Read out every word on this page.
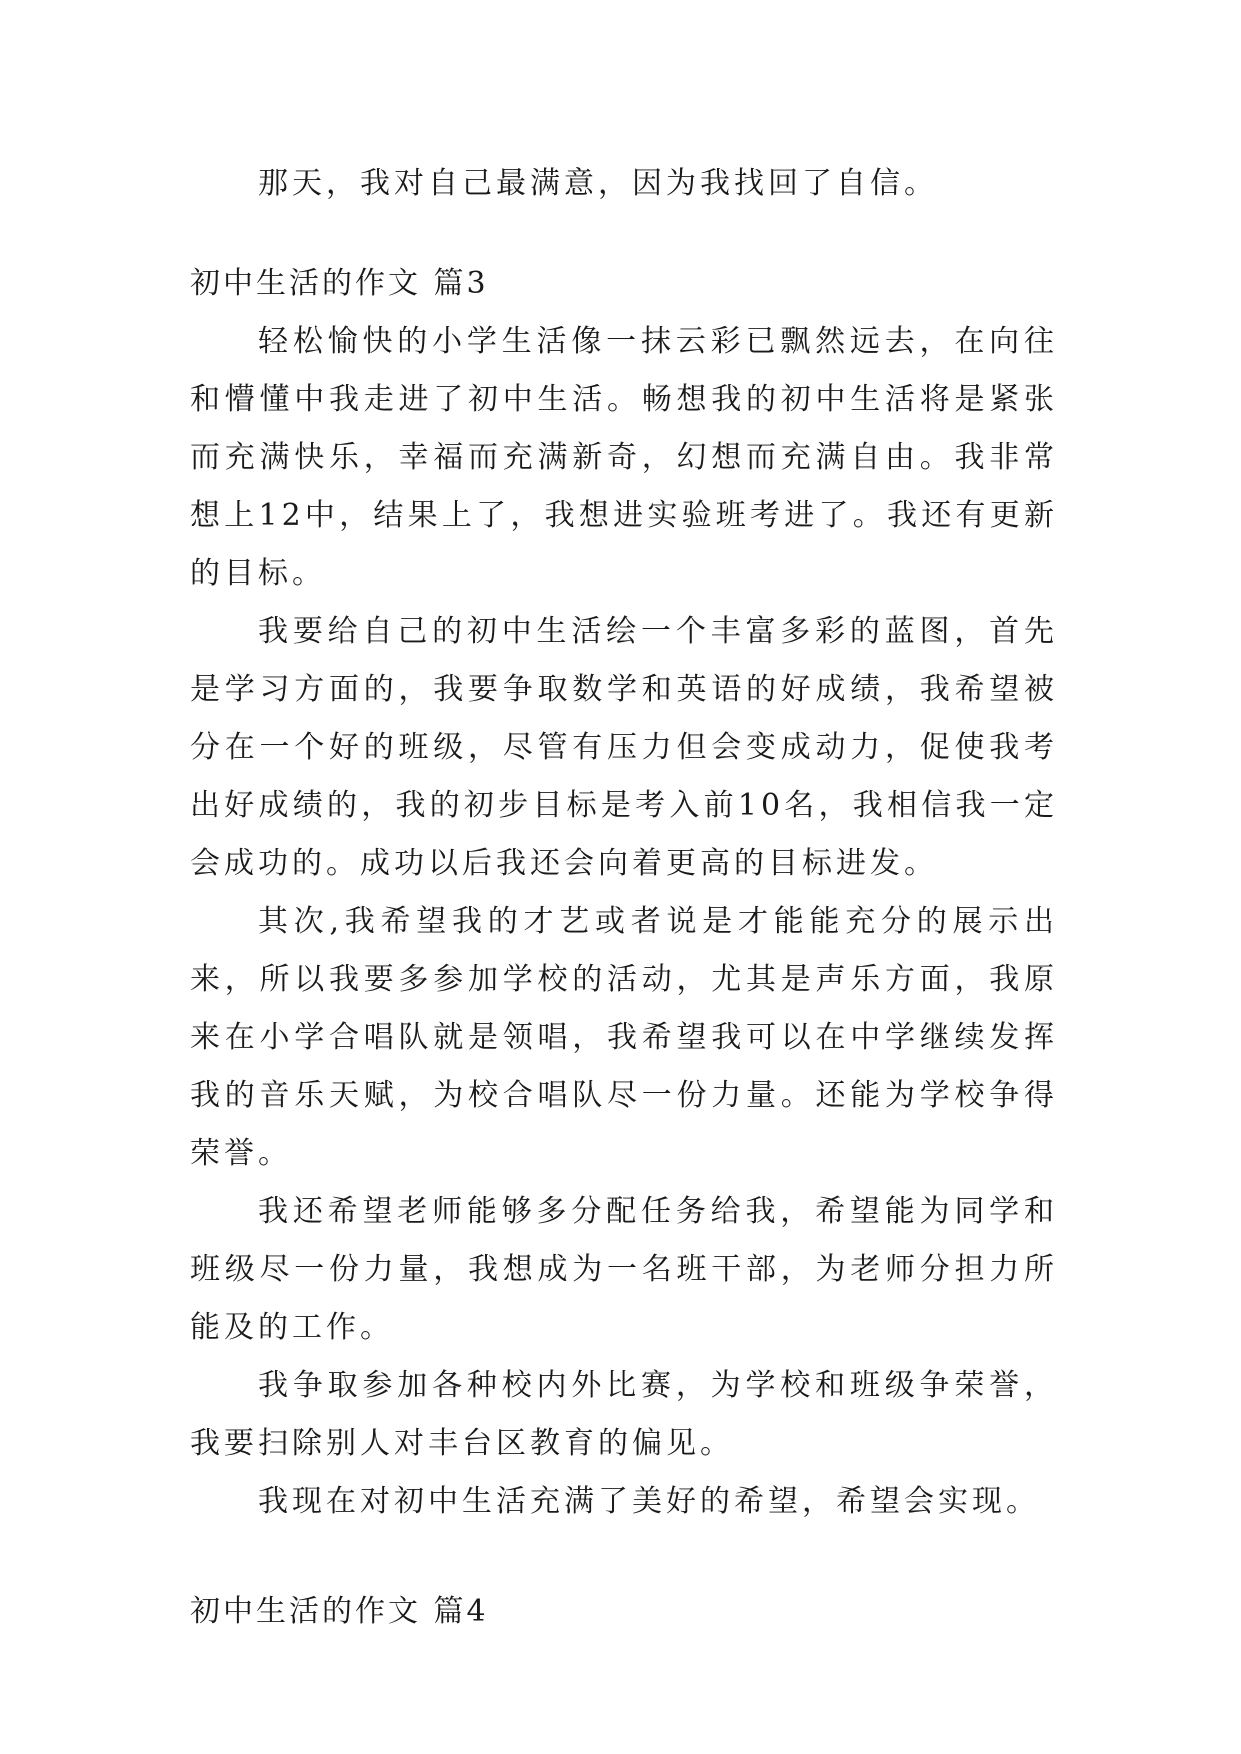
那天，我对自己最满意，因为我找回了自信。

初中生活的作文 篇3

轻松愉快的小学生活像一抹云彩已飘然远去，在向往和懵懂中我走进了初中生活。畅想我的初中生活将是紧张而充满快乐，幸福而充满新奇，幻想而充满自由。我非常想上12中，结果上了，我想进实验班考进了。我还有更新的目标。

我要给自己的初中生活绘一个丰富多彩的蓝图，首先是学习方面的，我要争取数学和英语的好成绩，我希望被分在一个好的班级，尽管有压力但会变成动力，促使我考出好成绩的，我的初步目标是考入前10名，我相信我一定会成功的。成功以后我还会向着更高的目标进发。

其次,我希望我的才艺或者说是才能能充分的展示出来，所以我要多参加学校的活动，尤其是声乐方面，我原来在小学合唱队就是领唱，我希望我可以在中学继续发挥我的音乐天赋，为校合唱队尽一份力量。还能为学校争得荣誉。

我还希望老师能够多分配任务给我，希望能为同学和班级尽一份力量，我想成为一名班干部，为老师分担力所能及的工作。

我争取参加各种校内外比赛，为学校和班级争荣誉，我要扫除别人对丰台区教育的偏见。

我现在对初中生活充满了美好的希望，希望会实现。

初中生活的作文 篇4
